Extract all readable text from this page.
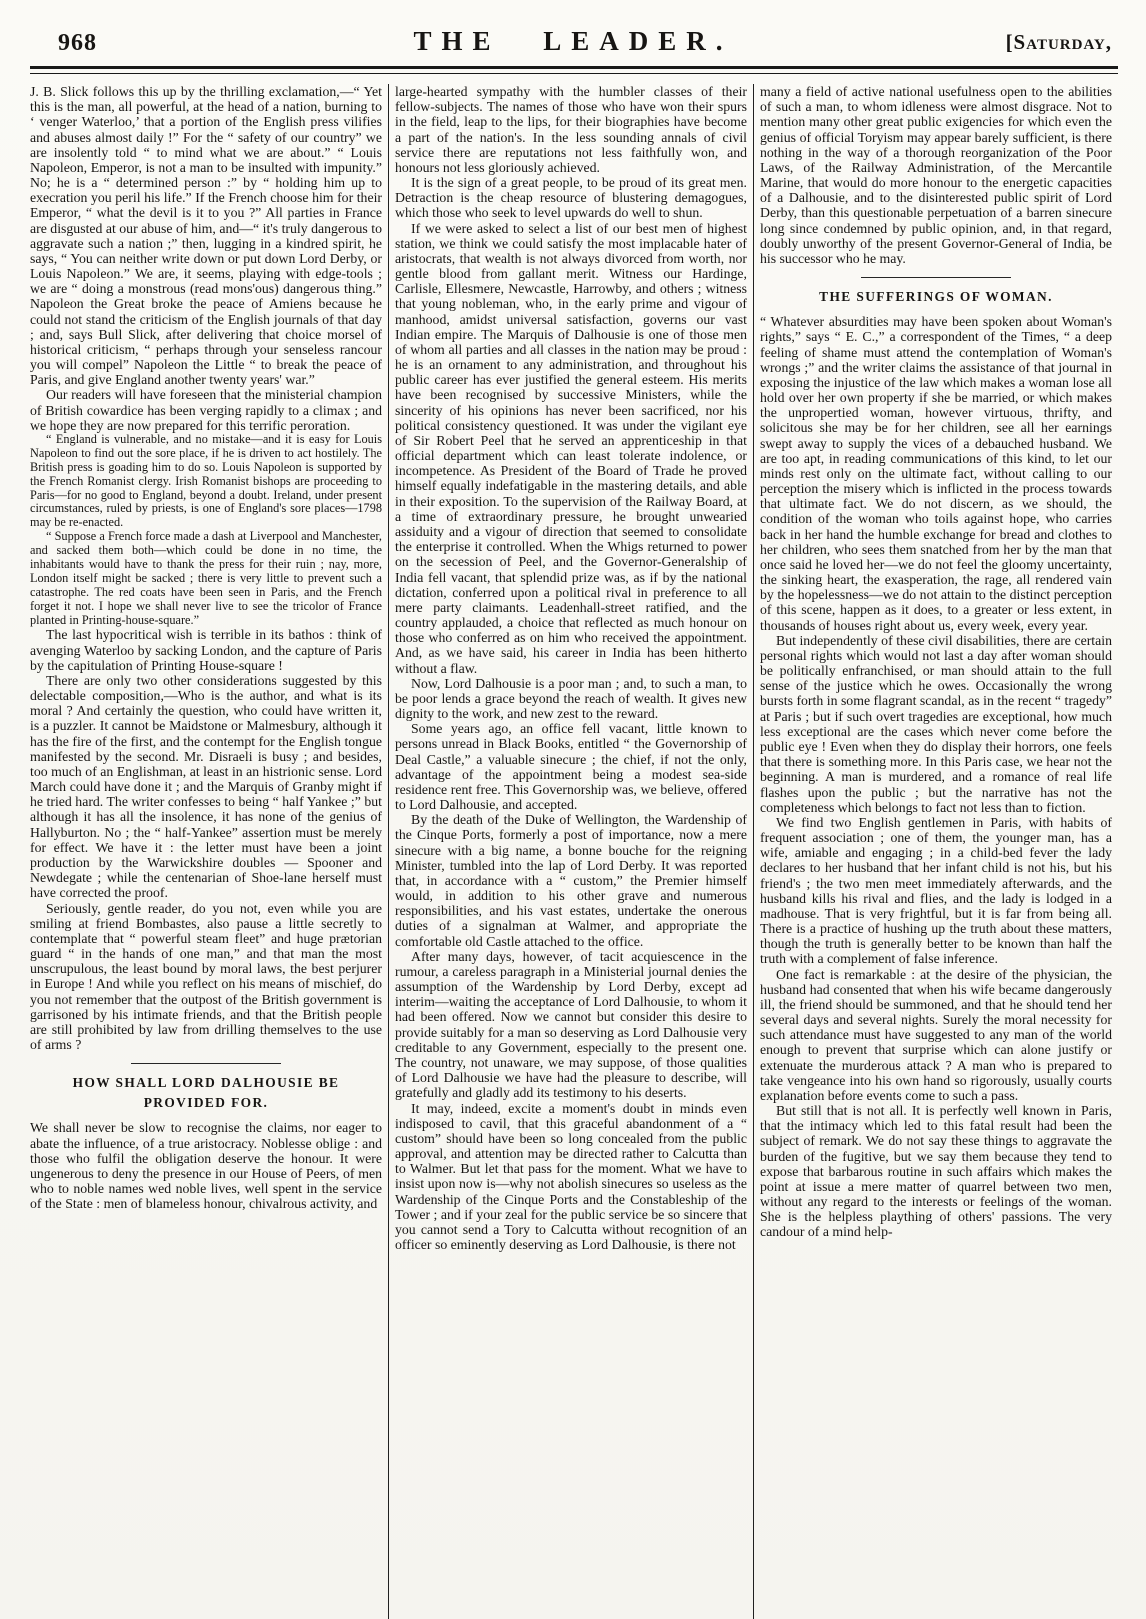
968	THE LEADER.	[Saturday,

J. B. Slick follows this up by the thrilling exclamation,—“ Yet this is the man, all powerful, at the head of a nation, burning to ‘ venger Waterloo,’ that a portion of the English press vilifies and abuses almost daily !” For the “ safety of our country” we are insolently told “ to mind what we are about.” “ Louis Napoleon, Emperor, is not a man to be insulted with impunity.” No; he is a “ determined person :” by “ holding him up to execration you peril his life.” If the French choose him for their Emperor, “ what the devil is it to you ?” All parties in France are disgusted at our abuse of him, and—“ it's truly dangerous to aggravate such a nation ;” then, lugging in a kindred spirit, he says, “ You can neither write down or put down Lord Derby, or Louis Napoleon.” We are, it seems, playing with edge-tools ; we are “ doing a monstrous (read mons'ous) dangerous thing.” Napoleon the Great broke the peace of Amiens because he could not stand the criticism of the English journals of that day ; and, says Bull Slick, after delivering that choice morsel of historical criticism, “ perhaps through your senseless rancour you will compel” Napoleon the Little “ to break the peace of Paris, and give England another twenty years' war.”

Our readers will have foreseen that the ministerial champion of British cowardice has been verging rapidly to a climax ; and we hope they are now prepared for this terrific peroration.

“ England is vulnerable, and no mistake—and it is easy for Louis Napoleon to find out the sore place, if he is driven to act hostilely. The British press is goading him to do so. Louis Napoleon is supported by the French Romanist clergy. Irish Romanist bishops are proceeding to Paris—for no good to England, beyond a doubt. Ireland, under present circumstances, ruled by priests, is one of England's sore places—1798 may be re-enacted.

“ Suppose a French force made a dash at Liverpool and Manchester, and sacked them both—which could be done in no time, the inhabitants would have to thank the press for their ruin ; nay, more, London itself might be sacked ; there is very little to prevent such a catastrophe. The red coats have been seen in Paris, and the French forget it not. I hope we shall never live to see the tricolor of France planted in Printing-house-square.”

The last hypocritical wish is terrible in its bathos : think of avenging Waterloo by sacking London, and the capture of Paris by the capitulation of Printing House-square !

There are only two other considerations suggested by this delectable composition,—Who is the author, and what is its moral ? And certainly the question, who could have written it, is a puzzler. It cannot be Maidstone or Malmesbury, although it has the fire of the first, and the contempt for the English tongue manifested by the second. Mr. Disraeli is busy ; and besides, too much of an Englishman, at least in an histrionic sense. Lord March could have done it ; and the Marquis of Granby might if he tried hard. The writer confesses to being “ half Yankee ;” but although it has all the insolence, it has none of the genius of Hallyburton. No ; the “ half-Yankee” assertion must be merely for effect. We have it : the letter must have been a joint production by the Warwickshire doubles — Spooner and Newdegate ; while the centenarian of Shoe-lane herself must have corrected the proof.

Seriously, gentle reader, do you not, even while you are smiling at friend Bombastes, also pause a little secretly to contemplate that “ powerful steam fleet” and huge prætorian guard “ in the hands of one man,” and that man the most unscrupulous, the least bound by moral laws, the best perjurer in Europe ! And while you reflect on his means of mischief, do you not remember that the outpost of the British government is garrisoned by his intimate friends, and that the British people are still prohibited by law from drilling themselves to the use of arms ?

HOW SHALL LORD DALHOUSIE BE PROVIDED FOR.

We shall never be slow to recognise the claims, nor eager to abate the influence, of a true aristocracy. Noblesse oblige : and those who fulfil the obligation deserve the honour. It were ungenerous to deny the presence in our House of Peers, of men who to noble names wed noble lives, well spent in the service of the State : men of blameless honour, chivalrous activity, and

large-hearted sympathy with the humbler classes of their fellow-subjects. The names of those who have won their spurs in the field, leap to the lips, for their biographies have become a part of the nation's. In the less sounding annals of civil service there are reputations not less faithfully won, and honours not less gloriously achieved.

It is the sign of a great people, to be proud of its great men. Detraction is the cheap resource of blustering demagogues, which those who seek to level upwards do well to shun.

If we were asked to select a list of our best men of highest station, we think we could satisfy the most implacable hater of aristocrats, that wealth is not always divorced from worth, nor gentle blood from gallant merit. Witness our Hardinge, Carlisle, Ellesmere, Newcastle, Harrowby, and others ; witness that young nobleman, who, in the early prime and vigour of manhood, amidst universal satisfaction, governs our vast Indian empire. The Marquis of Dalhousie is one of those men of whom all parties and all classes in the nation may be proud : he is an ornament to any administration, and throughout his public career has ever justified the general esteem. His merits have been recognised by successive Ministers, while the sincerity of his opinions has never been sacrificed, nor his political consistency questioned. It was under the vigilant eye of Sir Robert Peel that he served an apprenticeship in that official department which can least tolerate indolence, or incompetence. As President of the Board of Trade he proved himself equally indefatigable in the mastering details, and able in their exposition. To the supervision of the Railway Board, at a time of extraordinary pressure, he brought unwearied assiduity and a vigour of direction that seemed to consolidate the enterprise it controlled. When the Whigs returned to power on the secession of Peel, and the Governor-Generalship of India fell vacant, that splendid prize was, as if by the national dictation, conferred upon a political rival in preference to all mere party claimants. Leadenhall-street ratified, and the country applauded, a choice that reflected as much honour on those who conferred as on him who received the appointment. And, as we have said, his career in India has been hitherto without a flaw.

Now, Lord Dalhousie is a poor man ; and, to such a man, to be poor lends a grace beyond the reach of wealth. It gives new dignity to the work, and new zest to the reward.

Some years ago, an office fell vacant, little known to persons unread in Black Books, entitled “ the Governorship of Deal Castle,” a valuable sinecure ; the chief, if not the only, advantage of the appointment being a modest sea-side residence rent free. This Governorship was, we believe, offered to Lord Dalhousie, and accepted.

By the death of the Duke of Wellington, the Wardenship of the Cinque Ports, formerly a post of importance, now a mere sinecure with a big name, a bonne bouche for the reigning Minister, tumbled into the lap of Lord Derby. It was reported that, in accordance with a “ custom,” the Premier himself would, in addition to his other grave and numerous responsibilities, and his vast estates, undertake the onerous duties of a signalman at Walmer, and appropriate the comfortable old Castle attached to the office.

After many days, however, of tacit acquiescence in the rumour, a careless paragraph in a Ministerial journal denies the assumption of the Wardenship by Lord Derby, except ad interim—waiting the acceptance of Lord Dalhousie, to whom it had been offered. Now we cannot but consider this desire to provide suitably for a man so deserving as Lord Dalhousie very creditable to any Government, especially to the present one. The country, not unaware, we may suppose, of those qualities of Lord Dalhousie we have had the pleasure to describe, will gratefully and gladly add its testimony to his deserts.

It may, indeed, excite a moment's doubt in minds even indisposed to cavil, that this graceful abandonment of a “ custom” should have been so long concealed from the public approval, and attention may be directed rather to Calcutta than to Walmer. But let that pass for the moment. What we have to insist upon now is—why not abolish sinecures so useless as the Wardenship of the Cinque Ports and the Constableship of the Tower ; and if your zeal for the public service be so sincere that you cannot send a Tory to Calcutta without recognition of an officer so eminently deserving as Lord Dalhousie, is there not

many a field of active national usefulness open to the abilities of such a man, to whom idleness were almost disgrace. Not to mention many other great public exigencies for which even the genius of official Toryism may appear barely sufficient, is there nothing in the way of a thorough reorganization of the Poor Laws, of the Railway Administration, of the Mercantile Marine, that would do more honour to the energetic capacities of a Dalhousie, and to the disinterested public spirit of Lord Derby, than this questionable perpetuation of a barren sinecure long since condemned by public opinion, and, in that regard, doubly unworthy of the present Governor-General of India, be his successor who he may.

THE SUFFERINGS OF WOMAN.

“ Whatever absurdities may have been spoken about Woman's rights,” says “ E. C.,” a correspondent of the Times, “ a deep feeling of shame must attend the contemplation of Woman's wrongs ;” and the writer claims the assistance of that journal in exposing the injustice of the law which makes a woman lose all hold over her own property if she be married, or which makes the unpropertied woman, however virtuous, thrifty, and solicitous she may be for her children, see all her earnings swept away to supply the vices of a debauched husband. We are too apt, in reading communications of this kind, to let our minds rest only on the ultimate fact, without calling to our perception the misery which is inflicted in the process towards that ultimate fact. We do not discern, as we should, the condition of the woman who toils against hope, who carries back in her hand the humble exchange for bread and clothes to her children, who sees them snatched from her by the man that once said he loved her—we do not feel the gloomy uncertainty, the sinking heart, the exasperation, the rage, all rendered vain by the hopelessness—we do not attain to the distinct perception of this scene, happen as it does, to a greater or less extent, in thousands of houses right about us, every week, every year.

But independently of these civil disabilities, there are certain personal rights which would not last a day after woman should be politically enfranchised, or man should attain to the full sense of the justice which he owes. Occasionally the wrong bursts forth in some flagrant scandal, as in the recent “ tragedy” at Paris ; but if such overt tragedies are exceptional, how much less exceptional are the cases which never come before the public eye ! Even when they do display their horrors, one feels that there is something more. In this Paris case, we hear not the beginning. A man is murdered, and a romance of real life flashes upon the public ; but the narrative has not the completeness which belongs to fact not less than to fiction.

We find two English gentlemen in Paris, with habits of frequent association ; one of them, the younger man, has a wife, amiable and engaging ; in a child-bed fever the lady declares to her husband that her infant child is not his, but his friend's ; the two men meet immediately afterwards, and the husband kills his rival and flies, and the lady is lodged in a madhouse. That is very frightful, but it is far from being all. There is a practice of hushing up the truth about these matters, though the truth is generally better to be known than half the truth with a complement of false inference.

One fact is remarkable : at the desire of the physician, the husband had consented that when his wife became dangerously ill, the friend should be summoned, and that he should tend her several days and several nights. Surely the moral necessity for such attendance must have suggested to any man of the world enough to prevent that surprise which can alone justify or extenuate the murderous attack ? A man who is prepared to take vengeance into his own hand so rigorously, usually courts explanation before events come to such a pass.

But still that is not all. It is perfectly well known in Paris, that the intimacy which led to this fatal result had been the subject of remark. We do not say these things to aggravate the burden of the fugitive, but we say them because they tend to expose that barbarous routine in such affairs which makes the point at issue a mere matter of quarrel between two men, without any regard to the interests or feelings of the woman. She is the helpless plaything of others' passions. The very candour of a mind help-
